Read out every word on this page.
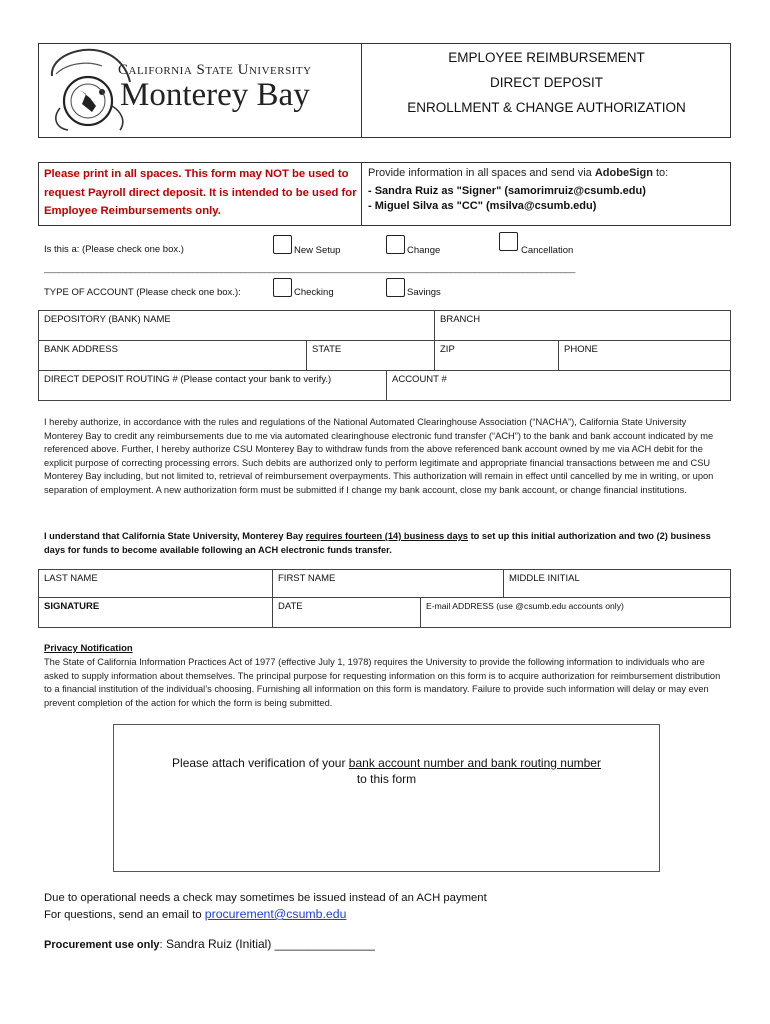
California State University
Monterey Bay
EMPLOYEE REIMBURSEMENT
DIRECT DEPOSIT
ENROLLMENT & CHANGE AUTHORIZATION
Please print in all spaces. This form may NOT be used to request Payroll direct deposit. It is intended to be used for Employee Reimbursements only.
Provide information in all spaces and send via AdobeSign to:
- Sandra Ruiz as "Signer" (samorimruiz@csumb.edu)
- Miguel Silva as "CC" (msilva@csumb.edu)
Is this a: (Please check one box.)	New Setup	Change	Cancellation
_______________________________________________________________________________________________________________
TYPE OF ACCOUNT (Please check one box.):	Checking	Savings
DEPOSITORY (BANK) NAME	BRANCH
BANK ADDRESS	STATE	ZIP	PHONE
DIRECT DEPOSIT ROUTING # (Please contact your bank to verify.)	ACCOUNT #
I hereby authorize, in accordance with the rules and regulations of the National Automated Clearinghouse Association (“NACHA”), California State University Monterey Bay to credit any reimbursements due to me via automated clearinghouse electronic fund transfer (“ACH”) to the bank and bank account indicated by me referenced above. Further, I hereby authorize CSU Monterey Bay to withdraw funds from the above referenced bank account owned by me via ACH debit for the explicit purpose of correcting processing errors. Such debits are authorized only to perform legitimate and appropriate financial transactions between me and CSU Monterey Bay including, but not limited to, retrieval of reimbursement overpayments. This authorization will remain in effect until cancelled by me in writing, or upon separation of employment. A new authorization form must be submitted if I change my bank account, close my bank account, or change financial institutions.
I understand that California State University, Monterey Bay requires fourteen (14) business days to set up this initial authorization and two (2) business days for funds to become available following an ACH electronic funds transfer.
LAST NAME	FIRST NAME	MIDDLE INITIAL
SIGNATURE	DATE	E-mail ADDRESS (use @csumb.edu accounts only)
Privacy Notification
The State of California Information Practices Act of 1977 (effective July 1, 1978) requires the University to provide the following information to individuals who are asked to supply information about themselves. The principal purpose for requesting information on this form is to acquire authorization for reimbursement distribution to a financial institution of the individual’s choosing. Furnishing all information on this form is mandatory. Failure to provide such information will delay or may even prevent completion of the action for which the form is being submitted.
Please attach verification of your bank account number and bank routing number
to this form
Due to operational needs a check may sometimes be issued instead of an ACH payment
For questions, send an email to procurement@csumb.edu
Procurement use only: Sandra Ruiz (Initial) _______________
